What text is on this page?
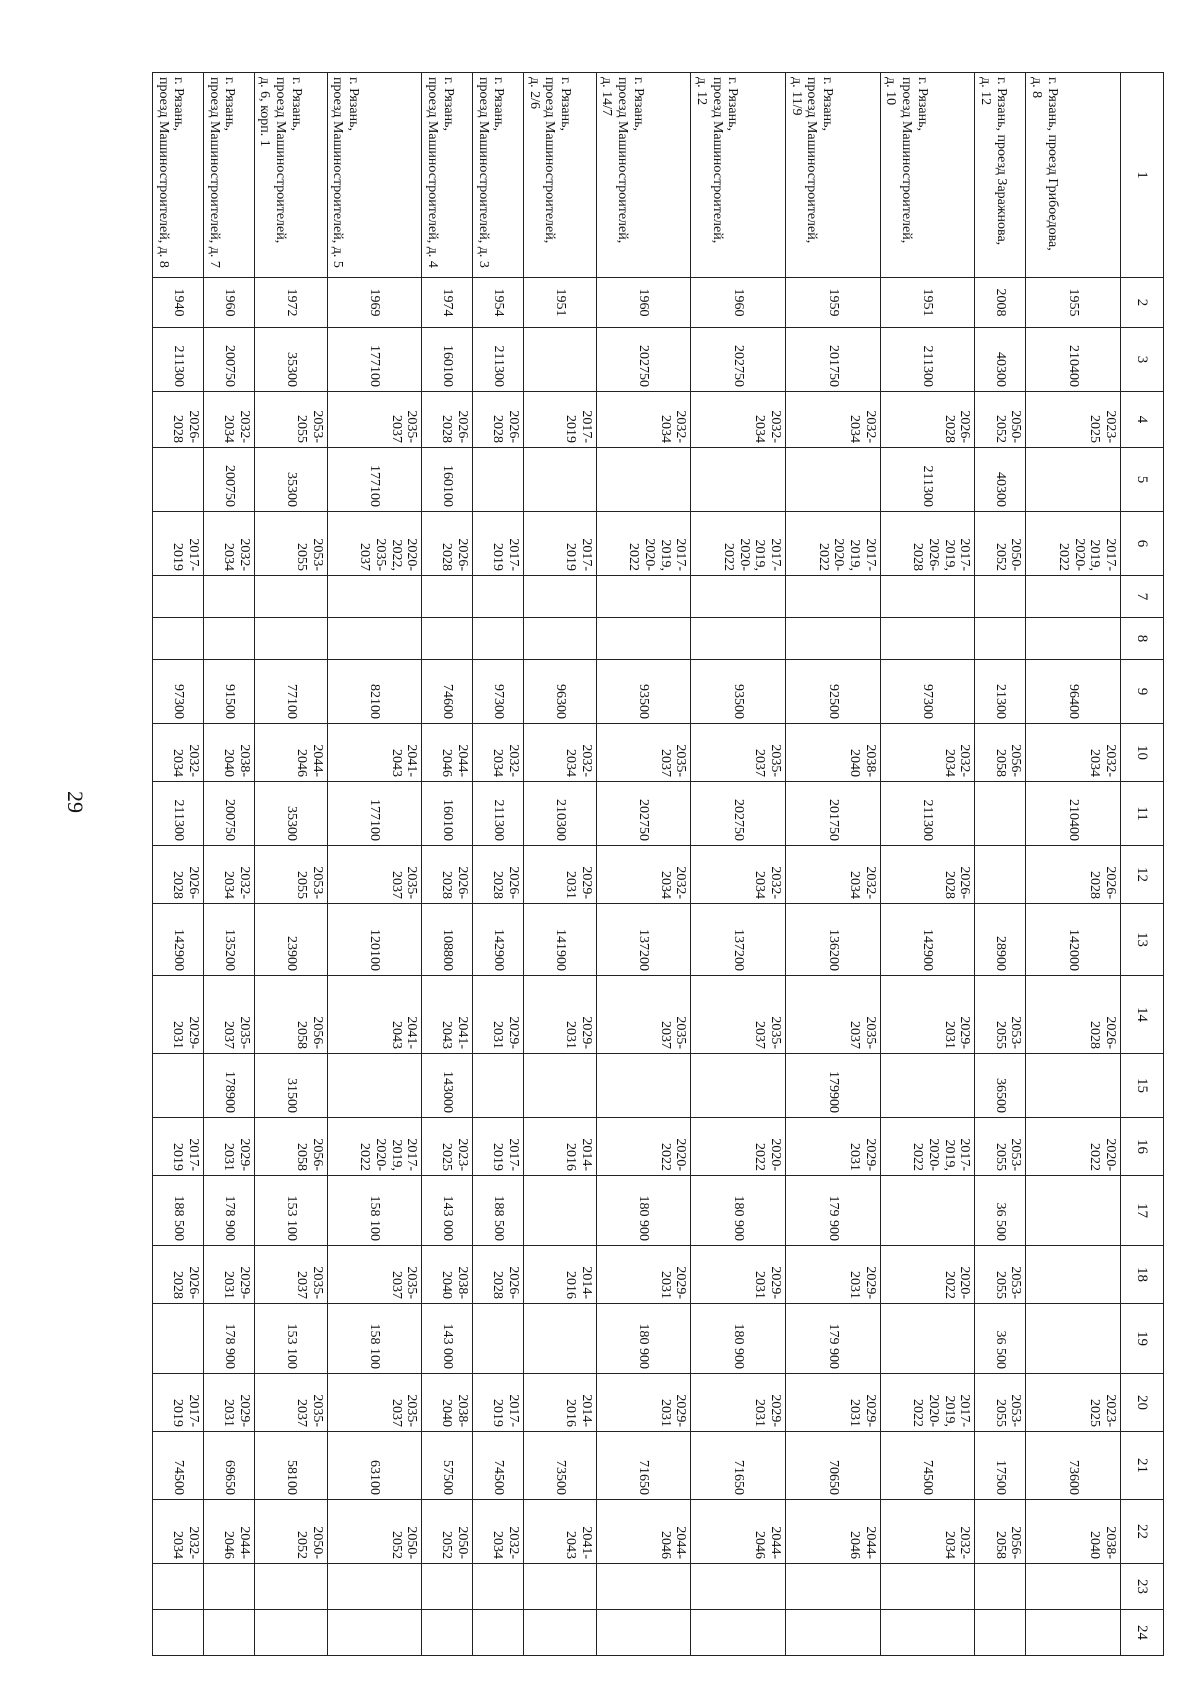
29
1	2	3	4	5	6	7	8	9	10	11	12	13	14	15	16	17	18	19	20	21	22	23	24
г. Рязань, проезд Грибоедова,
д. 8	1955	210400	2023-
2025		2017-
2019,
2020-
2022			96400	2032-
2034	210400	2026-
2028	142000	2026-
2028		2020-
2022				2023-
2025	73600	2038-
2040		
г. Рязань, проезд Заражнова,
д. 12	2008	40300	2050-
2052	40300	2050-
2052			21300	2056-
2058			28900	2053-
2055	36500	2053-
2055	36 500	2053-
2055	36 500	2053-
2055	17500	2056-
2058		
г. Рязань,
проезд Машиностроителей,
д. 10	1951	211300	2026-
2028	211300	2017-
2019,
2026-
2028			97300	2032-
2034	211300	2026-
2028	142900	2029-
2031		2017-
2019,
2020-
2022		2020-
2022		2017-
2019,
2020-
2022	74500	2032-
2034		
г. Рязань,
проезд Машиностроителей,
д. 11/9	1959	201750	2032-
2034		2017-
2019,
2020-
2022			92500	2038-
2040	201750	2032-
2034	136200	2035-
2037	179900	2029-
2031	179 900	2029-
2031	179 900	2029-
2031	70650	2044-
2046		
г. Рязань,
проезд Машиностроителей,
д. 12	1960	202750	2032-
2034		2017-
2019,
2020-
2022			93500	2035-
2037	202750	2032-
2034	137200	2035-
2037		2020-
2022	180 900	2029-
2031	180 900	2029-
2031	71650	2044-
2046		
г. Рязань,
проезд Машиностроителей,
д. 14/7	1960	202750	2032-
2034		2017-
2019,
2020-
2022			93500	2035-
2037	202750	2032-
2034	137200	2035-
2037		2020-
2022	180 900	2029-
2031	180 900	2029-
2031	71650	2044-
2046		
г. Рязань,
проезд Машиностроителей,
д. 2/6	1951		2017-
2019		2017-
2019			96300	2032-
2034	210300	2029-
2031	141900	2029-
2031		2014-
2016		2014-
2016		2014-
2016	73500	2041-
2043		
г. Рязань,
проезд Машиностроителей, д. 3	1954	211300	2026-
2028		2017-
2019			97300	2032-
2034	211300	2026-
2028	142900	2029-
2031		2017-
2019	188 500	2026-
2028		2017-
2019	74500	2032-
2034		
г. Рязань,
проезд Машиностроителей, д. 4	1974	160100	2026-
2028	160100	2026-
2028			74600	2044-
2046	160100	2026-
2028	108800	2041-
2043	143000	2023-
2025	143 000	2038-
2040	143 000	2038-
2040	57500	2050-
2052		
г. Рязань,
проезд Машиностроителей, д. 5	1969	177100	2035-
2037	177100	2020-
2022,
2035-
2037			82100	2041-
2043	177100	2035-
2037	120100	2041-
2043		2017-
2019,
2020-
2022	158 100	2035-
2037	158 100	2035-
2037	63100	2050-
2052		
г. Рязань,
проезд Машиностроителей,
д. 6, корп. 1	1972	35300	2053-
2055	35300	2053-
2055			77100	2044-
2046	35300	2053-
2055	23900	2056-
2058	31500	2056-
2058	153 100	2035-
2037	153 100	2035-
2037	58100	2050-
2052		
г. Рязань,
проезд Машиностроителей, д. 7	1960	200750	2032-
2034	200750	2032-
2034			91500	2038-
2040	200750	2032-
2034	135200	2035-
2037	178900	2029-
2031	178 900	2029-
2031	178 900	2029-
2031	69650	2044-
2046		
г. Рязань,
проезд Машиностроителей, д. 8	1940	211300	2026-
2028		2017-
2019			97300	2032-
2034	211300	2026-
2028	142900	2029-
2031		2017-
2019	188 500	2026-
2028		2017-
2019	74500	2032-
2034		
